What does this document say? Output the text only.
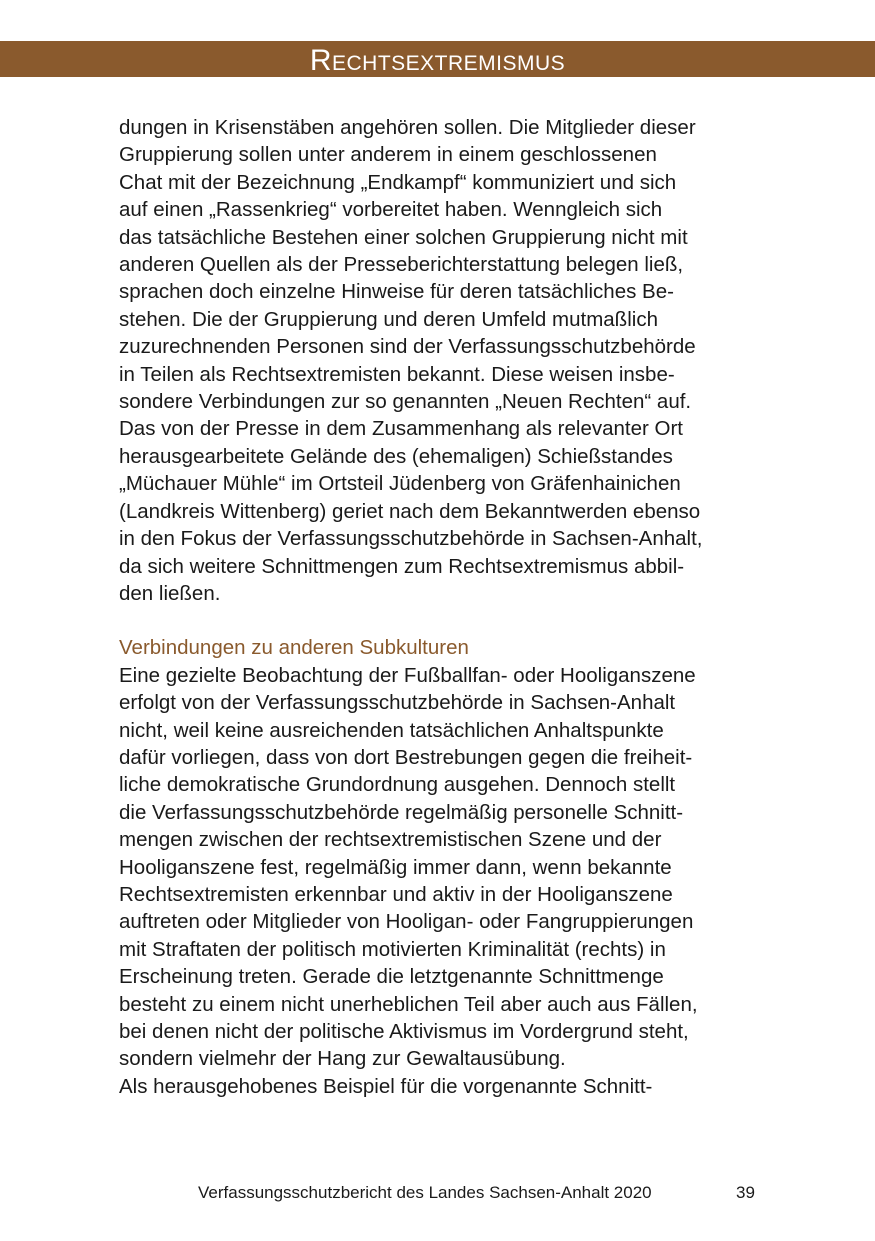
Rechtsextremismus
dungen in Krisenstäben angehören sollen. Die Mitglieder dieser
Gruppierung sollen unter anderem in einem geschlossenen
Chat mit der Bezeichnung „Endkampf“ kommuniziert und sich
auf einen „Rassenkrieg“ vorbereitet haben. Wenngleich sich
das tatsächliche Bestehen einer solchen Gruppierung nicht mit
anderen Quellen als der Presseberichterstattung belegen ließ,
sprachen doch einzelne Hinweise für deren tatsächliches Be-
stehen. Die der Gruppierung und deren Umfeld mutmaßlich
zuzurechnenden Personen sind der Verfassungsschutzbehörde
in Teilen als Rechtsextremisten bekannt. Diese weisen insbe-
sondere Verbindungen zur so genannten „Neuen Rechten“ auf.
Das von der Presse in dem Zusammenhang als relevanter Ort
herausgearbeitete Gelände des (ehemaligen) Schießstandes
„Müchauer Mühle“ im Ortsteil Jüdenberg von Gräfenhainichen
(Landkreis Wittenberg) geriet nach dem Bekanntwerden ebenso
in den Fokus der Verfassungsschutzbehörde in Sachsen-Anhalt,
da sich weitere Schnittmengen zum Rechtsextremismus abbil-
den ließen.
Verbindungen zu anderen Subkulturen
Eine gezielte Beobachtung der Fußballfan- oder Hooliganszene
erfolgt von der Verfassungsschutzbehörde in Sachsen-Anhalt
nicht, weil keine ausreichenden tatsächlichen Anhaltspunkte
dafür vorliegen, dass von dort Bestrebungen gegen die freiheit-
liche demokratische Grundordnung ausgehen. Dennoch stellt
die Verfassungsschutzbehörde regelmäßig personelle Schnitt-
mengen zwischen der rechtsextremistischen Szene und der
Hooliganszene fest, regelmäßig immer dann, wenn bekannte
Rechtsextremisten erkennbar und aktiv in der Hooliganszene
auftreten oder Mitglieder von Hooligan- oder Fangruppierungen
mit Straftaten der politisch motivierten Kriminalität (rechts) in
Erscheinung treten. Gerade die letztgenannte Schnittmenge
besteht zu einem nicht unerheblichen Teil aber auch aus Fällen,
bei denen nicht der politische Aktivismus im Vordergrund steht,
sondern vielmehr der Hang zur Gewaltausübung.
Als herausgehobenes Beispiel für die vorgenannte Schnitt-
Verfassungsschutzbericht des Landes Sachsen-Anhalt 2020	39
